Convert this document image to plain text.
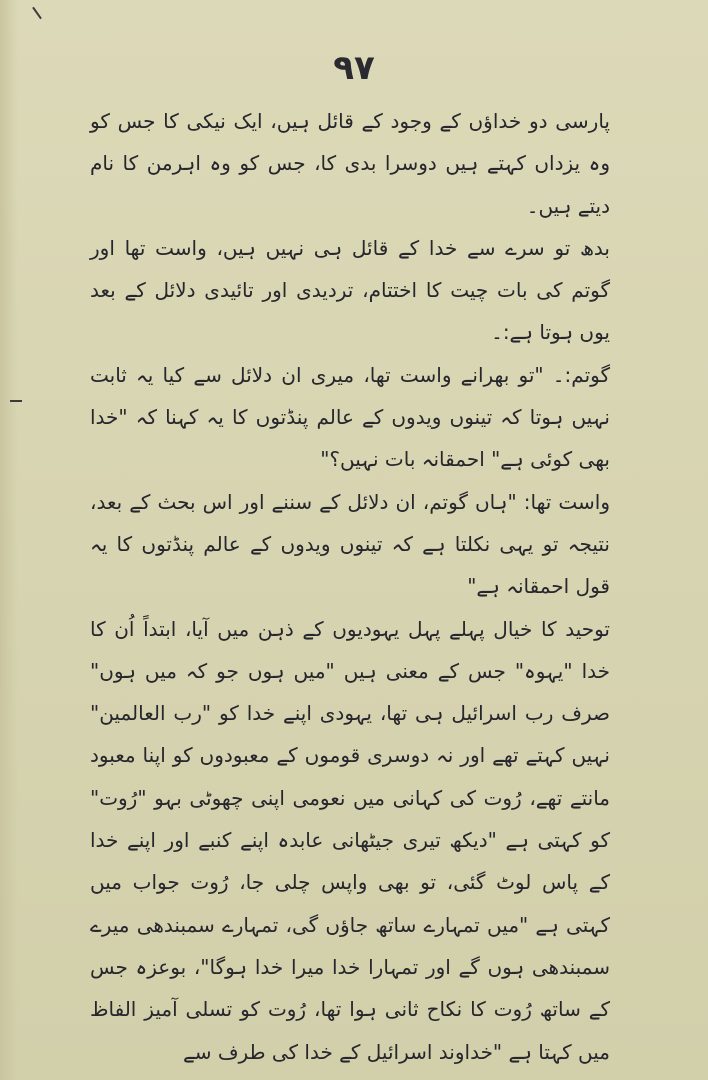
۹۷

پارسی دو خداؤں کے وجود کے قائل ہیں، ایک نیکی کا جس کو وہ یزداں کہتے ہیں دوسرا بدی کا، جس کو وہ اہرمن کا نام دیتے ہیں۔

بدھ تو سرے سے خدا کے قائل ہی نہیں ہیں، واست تھا اور گوتم کی بات چیت کا اختتام، تردیدی اور تائیدی دلائل کے بعد یوں ہوتا ہے:۔

گوتم:۔ "تو بھرانے واست تھا، میری ان دلائل سے کیا یہ ثابت نہیں ہوتا کہ تینوں ویدوں کے عالم پنڈتوں کا یہ کہنا کہ "خدا بھی کوئی ہے" احمقانہ بات نہیں؟"

واست تھا: "ہاں گوتم، ان دلائل کے سننے اور اس بحث کے بعد، نتیجہ تو یہی نکلتا ہے کہ تینوں ویدوں کے عالم پنڈتوں کا یہ قول احمقانہ ہے"

توحید کا خیال پہلے پہل یہودیوں کے ذہن میں آیا، ابتداً اُن کا خدا "یہوہ" جس کے معنی ہیں "میں ہوں جو کہ میں ہوں" صرف رب اسرائیل ہی تھا، یہودی اپنے خدا کو "رب العالمین" نہیں کہتے تھے اور نہ دوسری قوموں کے معبودوں کو اپنا معبود مانتے تھے، رُوت کی کہانی میں نعومی اپنی چھوٹی بہو "رُوت" کو کہتی ہے "دیکھ تیری جیٹھانی عابدہ اپنے کنبے اور اپنے خدا کے پاس لوٹ گئی، تو بھی واپس چلی جا، رُوت جواب میں کہتی ہے "میں تمہارے ساتھ جاؤں گی، تمہارے سمبندھی میرے سمبندھی ہوں گے اور تمہارا خدا میرا خدا ہوگا"، بوعزہ جس کے ساتھ رُوت کا نکاح ثانی ہوا تھا، رُوت کو تسلی آمیز الفاظ میں کہتا ہے "خداوند اسرائیل کے خدا کی طرف سے
